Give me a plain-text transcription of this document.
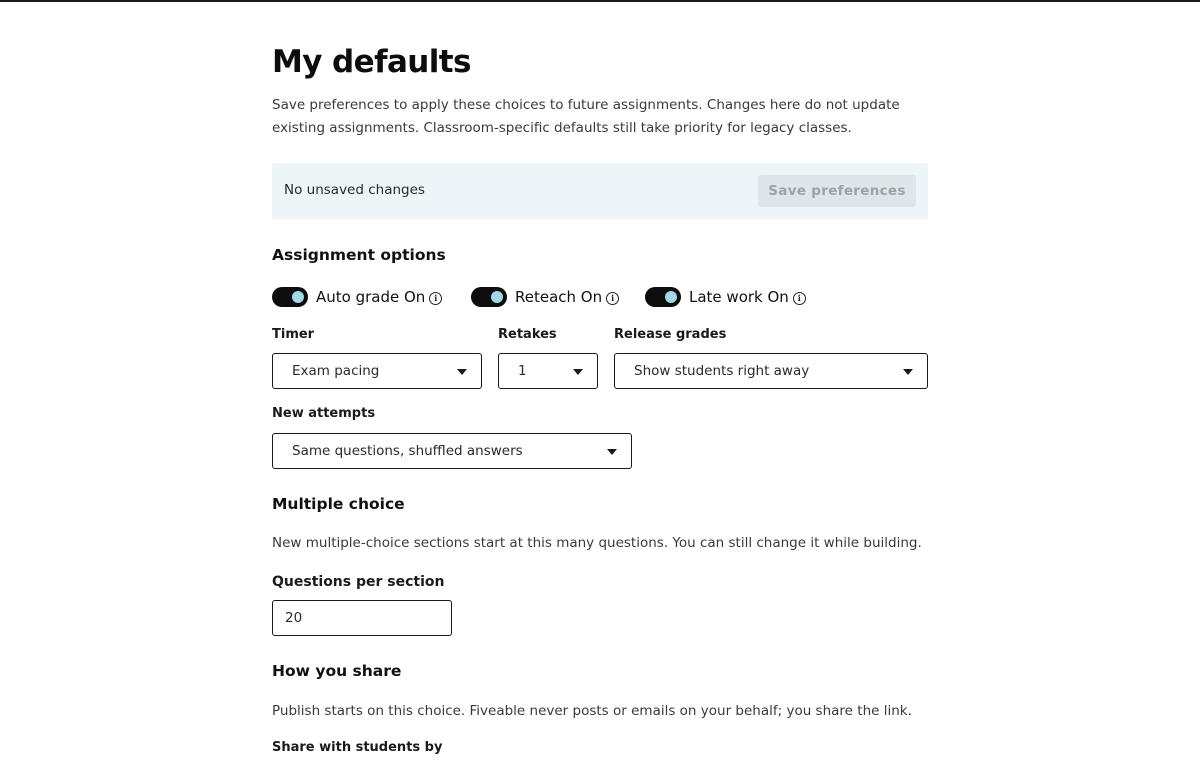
My defaults

Save preferences to apply these choices to future assignments. Changes here do not update existing assignments. Classroom-specific defaults still take priority for legacy classes.

No unsaved changes	Save preferences
Assignment options
Auto grade On	i	Reteach On	i	Late work On	i
Timer
Exam pacing
Retakes
1
Release grades
Show students right away
New attempts
Same questions, shuffled answers
Multiple choice

New multiple-choice sections start at this many questions. You can still change it while building.

Questions per section
20
How you share

Publish starts on this choice. Fiveable never posts or emails on your behalf; you share the link.

Share with students by
